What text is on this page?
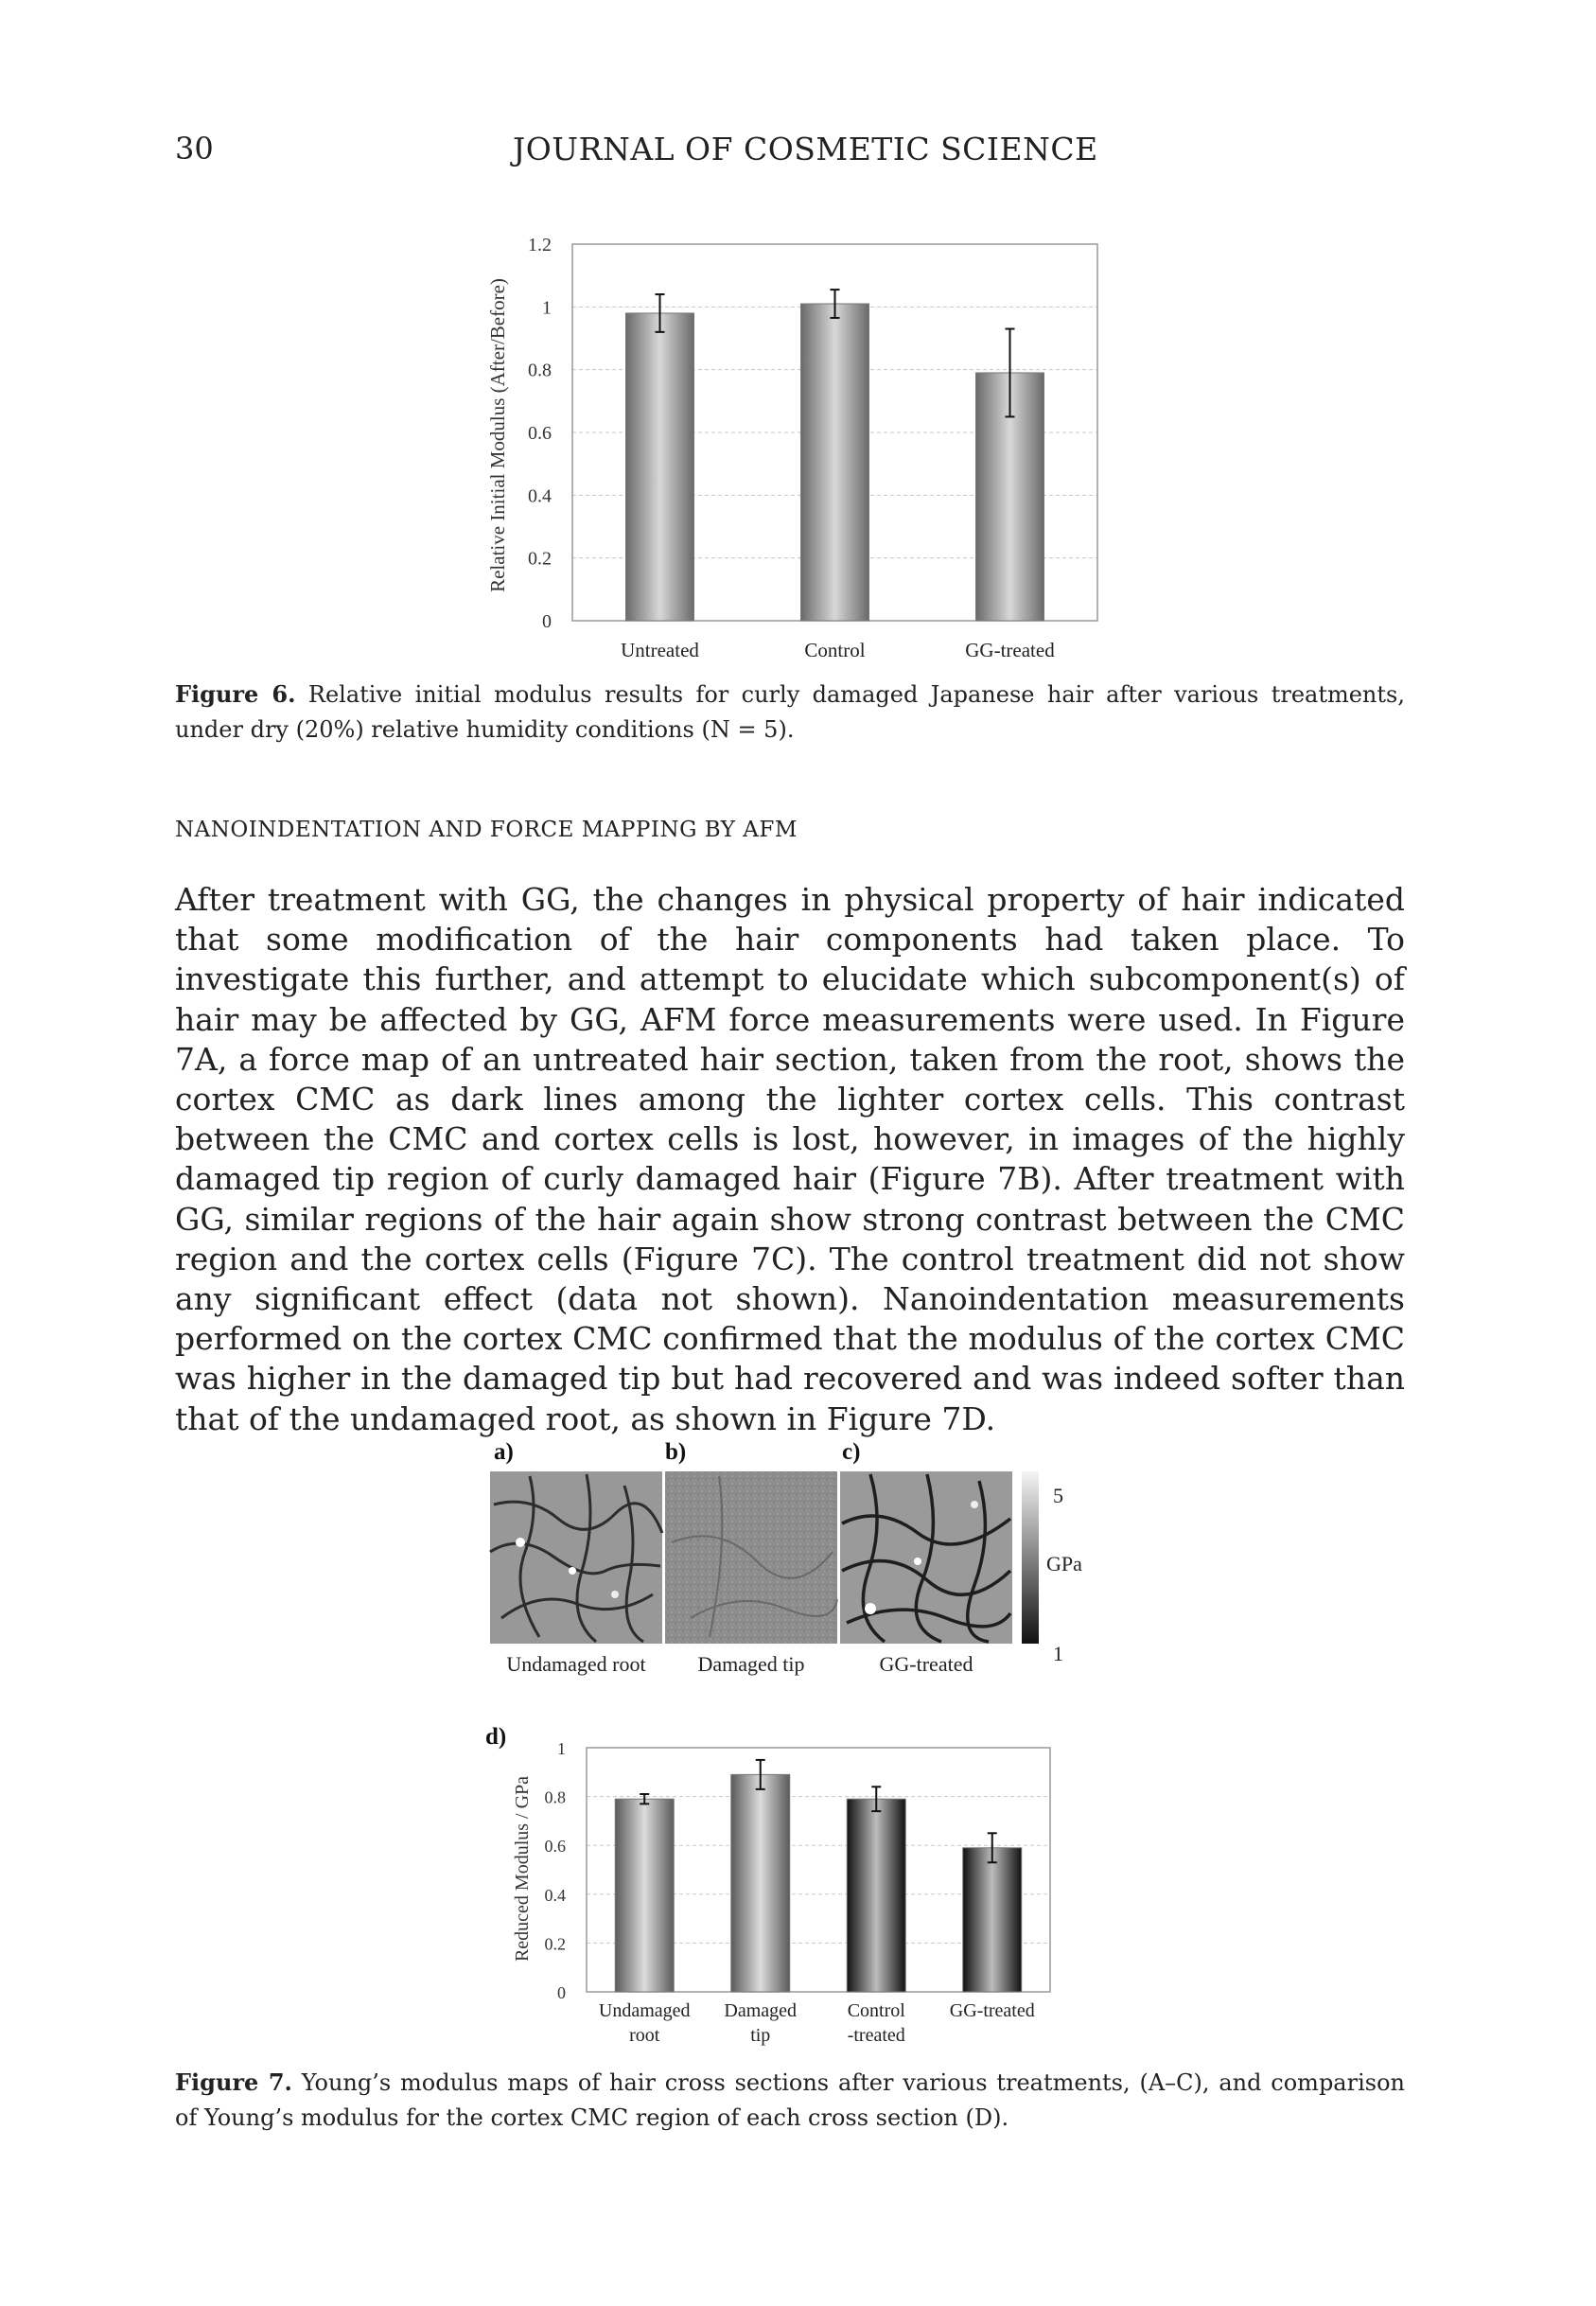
30	JOURNAL OF COSMETIC SCIENCE
0
0.2
0.4
0.6
0.8
1
1.2
Untreated	Control	GG-treated
Relative Initial Modulus (After/Before)
Figure 6. Relative initial modulus results for curly damaged Japanese hair after various treatments, under dry (20%) relative humidity conditions (N = 5).
NANOINDENTATION AND FORCE MAPPING BY AFM
After treatment with GG, the changes in physical property of hair indicated that some modification of the hair components had taken place. To investigate this further, and attempt to elucidate which subcomponent(s) of hair may be affected by GG, AFM force measurements were used. In Figure 7A, a force map of an untreated hair section, taken from the root, shows the cortex CMC as dark lines among the lighter cortex cells. This contrast between the CMC and cortex cells is lost, however, in images of the highly damaged tip region of curly damaged hair (Figure 7B). After treatment with GG, similar regions of the hair again show strong contrast between the CMC region and the cortex cells (Figure 7C). The control treatment did not show any significant effect (data not shown). Nanoindentation measurements performed on the cortex CMC confirmed that the modulus of the cortex CMC was higher in the damaged tip but had recovered and was indeed softer than that of the undamaged root, as shown in Figure 7D.
a)
Undamaged root
b)
Damaged tip
c)
GG-treated
5
GPa
1
d)
0
0.2
0.4
0.6
0.8
1
Undamaged
root
Damaged
tip
Control
-treated
GG-treated
Reduced Modulus / GPa
Figure 7. Young’s modulus maps of hair cross sections after various treatments, (A–C), and comparison of Young’s modulus for the cortex CMC region of each cross section (D).
